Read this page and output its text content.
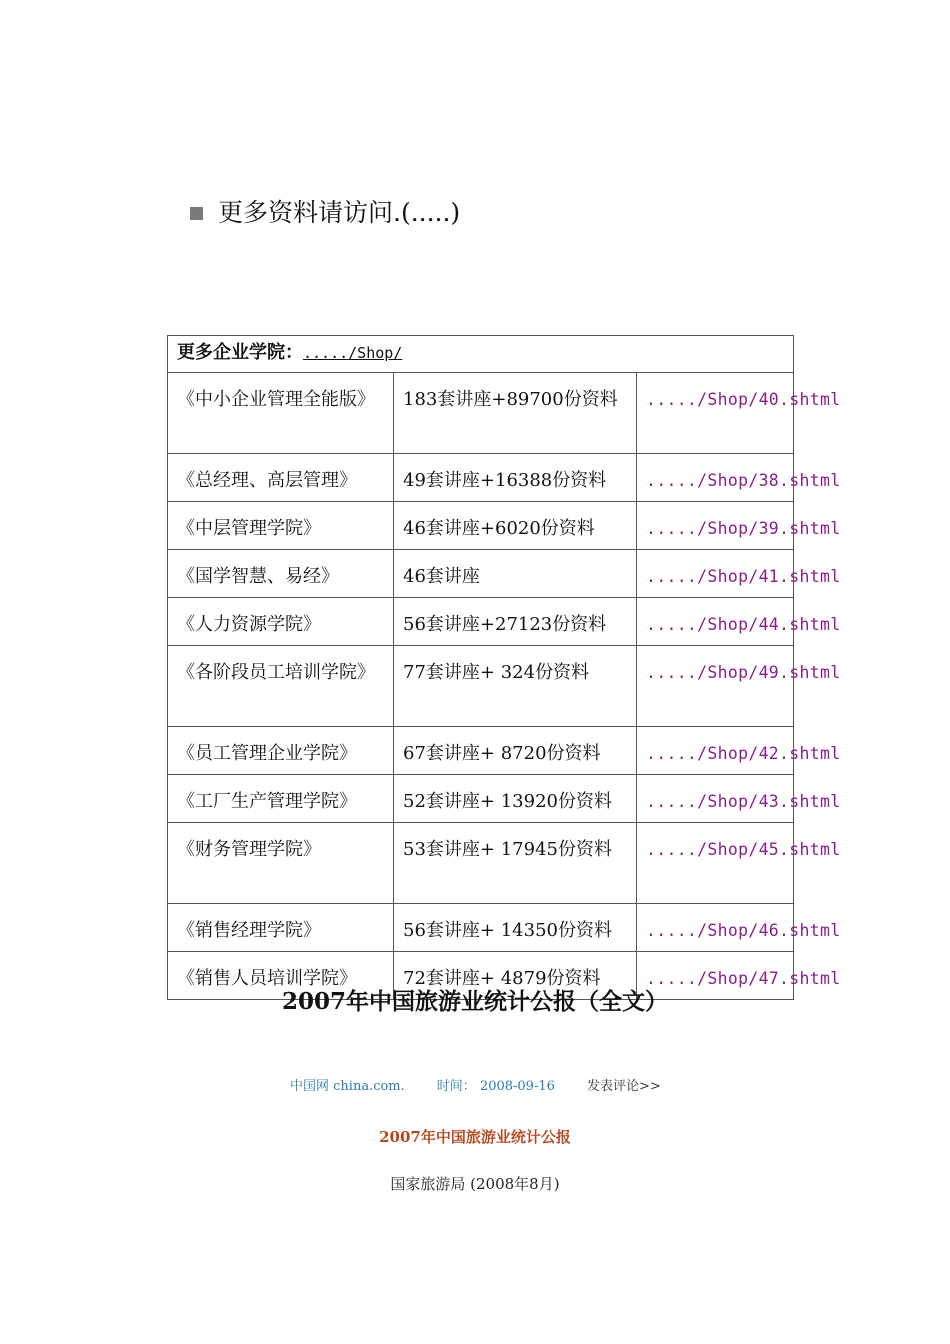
更多资料请访问.(.....)
更多企业学院：...../Shop/		
《中小企业管理全能版》	183套讲座+89700份资料	...../Shop/40.shtml
《总经理、高层管理》	49套讲座+16388份资料	...../Shop/38.shtml
《中层管理学院》	46套讲座+6020份资料	...../Shop/39.shtml
《国学智慧、易经》	46套讲座	...../Shop/41.shtml
《人力资源学院》	56套讲座+27123份资料	...../Shop/44.shtml
《各阶段员工培训学院》	77套讲座+ 324份资料	...../Shop/49.shtml
《员工管理企业学院》	67套讲座+ 8720份资料	...../Shop/42.shtml
《工厂生产管理学院》	52套讲座+ 13920份资料	...../Shop/43.shtml
《财务管理学院》	53套讲座+ 17945份资料	...../Shop/45.shtml
《销售经理学院》	56套讲座+ 14350份资料	...../Shop/46.shtml
《销售人员培训学院》	72套讲座+ 4879份资料	...../Shop/47.shtml
2007年中国旅游业统计公报（全文）
中国网 china.com. 时间： 2008-09-16 发表评论>>
2007年中国旅游业统计公报
国家旅游局 (2008年8月)
